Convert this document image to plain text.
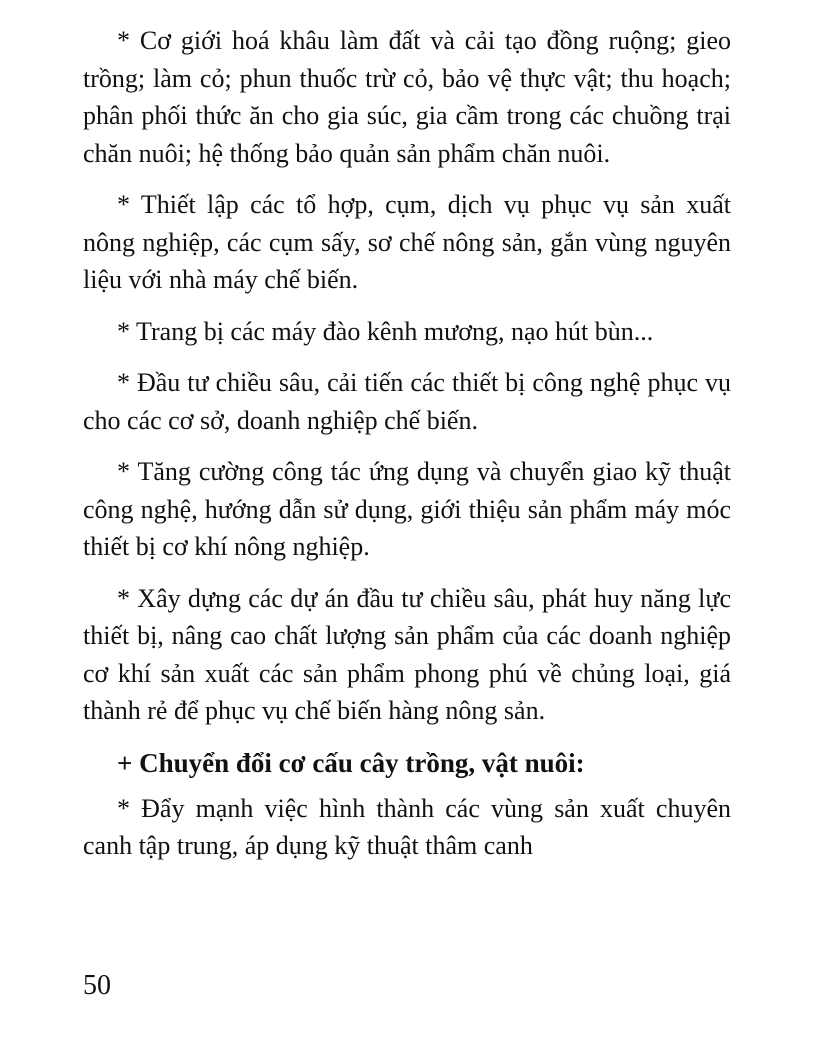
* Cơ giới hoá khâu làm đất và cải tạo đồng ruộng; gieo trồng; làm cỏ; phun thuốc trừ cỏ, bảo vệ thực vật; thu hoạch; phân phối thức ăn cho gia súc, gia cầm trong các chuồng trại chăn nuôi; hệ thống bảo quản sản phẩm chăn nuôi.

* Thiết lập các tổ hợp, cụm, dịch vụ phục vụ sản xuất nông nghiệp, các cụm sấy, sơ chế nông sản, gắn vùng nguyên liệu với nhà máy chế biến.

* Trang bị các máy đào kênh mương, nạo hút bùn...

* Đầu tư chiều sâu, cải tiến các thiết bị công nghệ phục vụ cho các cơ sở, doanh nghiệp chế biến.

* Tăng cường công tác ứng dụng và chuyển giao kỹ thuật công nghệ, hướng dẫn sử dụng, giới thiệu sản phẩm máy móc thiết bị cơ khí nông nghiệp.

* Xây dựng các dự án đầu tư chiều sâu, phát huy năng lực thiết bị, nâng cao chất lượng sản phẩm của các doanh nghiệp cơ khí sản xuất các sản phẩm phong phú về chủng loại, giá thành rẻ để phục vụ chế biến hàng nông sản.

+ Chuyển đổi cơ cấu cây trồng, vật nuôi:

* Đẩy mạnh việc hình thành các vùng sản xuất chuyên canh tập trung, áp dụng kỹ thuật thâm canh

50
